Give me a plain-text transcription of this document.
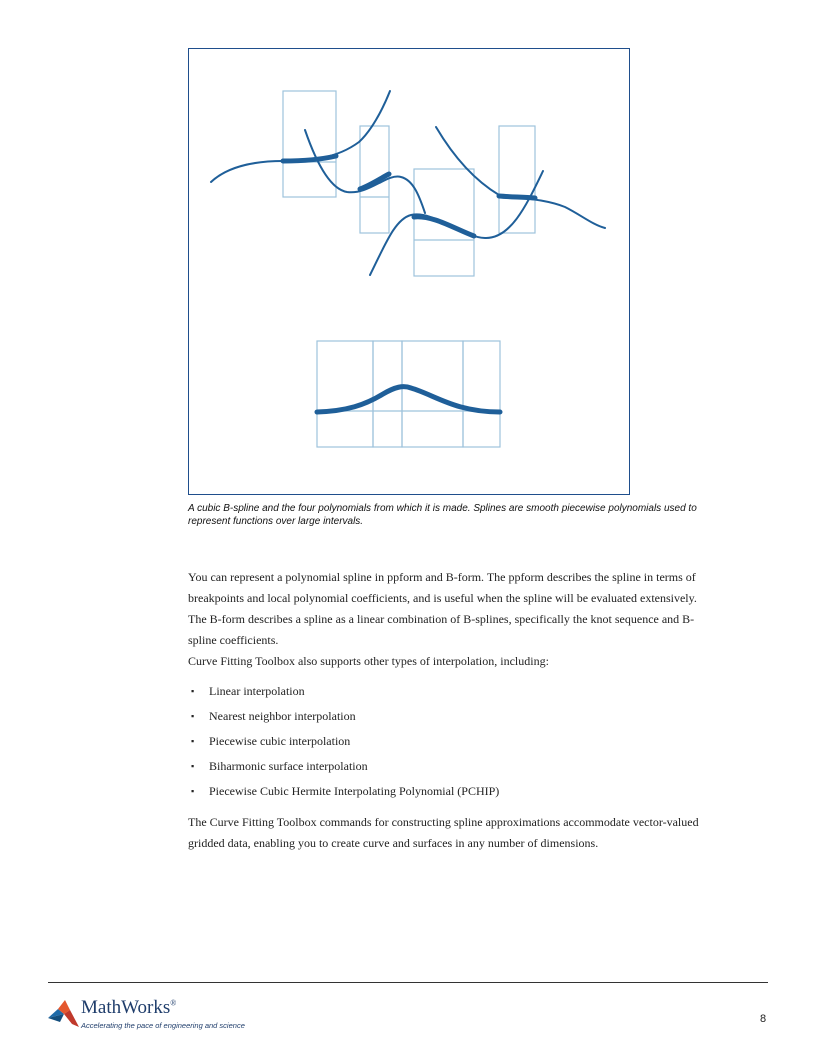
A cubic B-spline and the four polynomials from which it is made. Splines are smooth piecewise polynomials used to represent functions over large intervals.

You can represent a polynomial spline in ppform and B-form. The ppform describes the spline in terms of breakpoints and local polynomial coefficients, and is useful when the spline will be evaluated extensively. The B-form describes a spline as a linear combination of B-splines, specifically the knot sequence and B-spline coefficients.

Curve Fitting Toolbox also supports other types of interpolation, including:

▪ Linear interpolation
▪ Nearest neighbor interpolation
▪ Piecewise cubic interpolation
▪ Biharmonic surface interpolation
▪ Piecewise Cubic Hermite Interpolating Polynomial (PCHIP)

The Curve Fitting Toolbox commands for constructing spline approximations accommodate vector-valued gridded data, enabling you to create curve and surfaces in any number of dimensions.

MathWorks®
Accelerating the pace of engineering and science
8
